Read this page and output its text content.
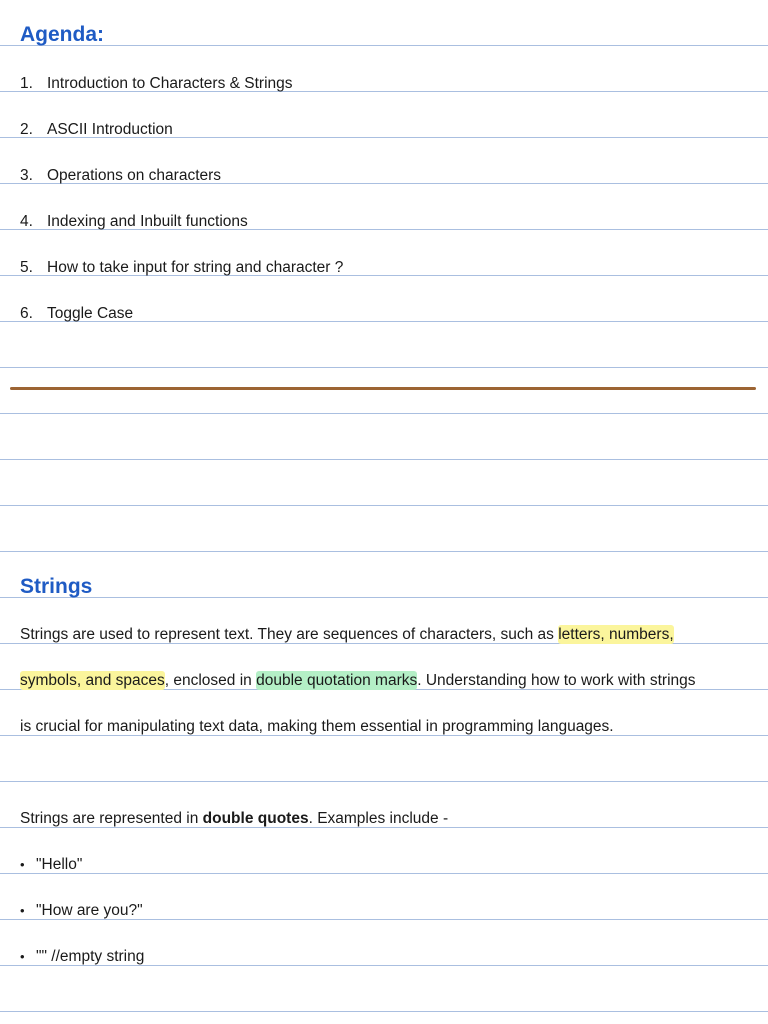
Agenda:
1. Introduction to Characters & Strings
2. ASCII Introduction
3. Operations on characters
4. Indexing and Inbuilt functions
5. How to take input for string and character ?
6. Toggle Case
Strings
Strings are used to represent text. They are sequences of characters, such as letters, numbers,
symbols, and spaces, enclosed in double quotation marks. Understanding how to work with strings
is crucial for manipulating text data, making them essential in programming languages.
Strings are represented in double quotes. Examples include -
• "Hello"
• "How are you?"
• "" //empty string
